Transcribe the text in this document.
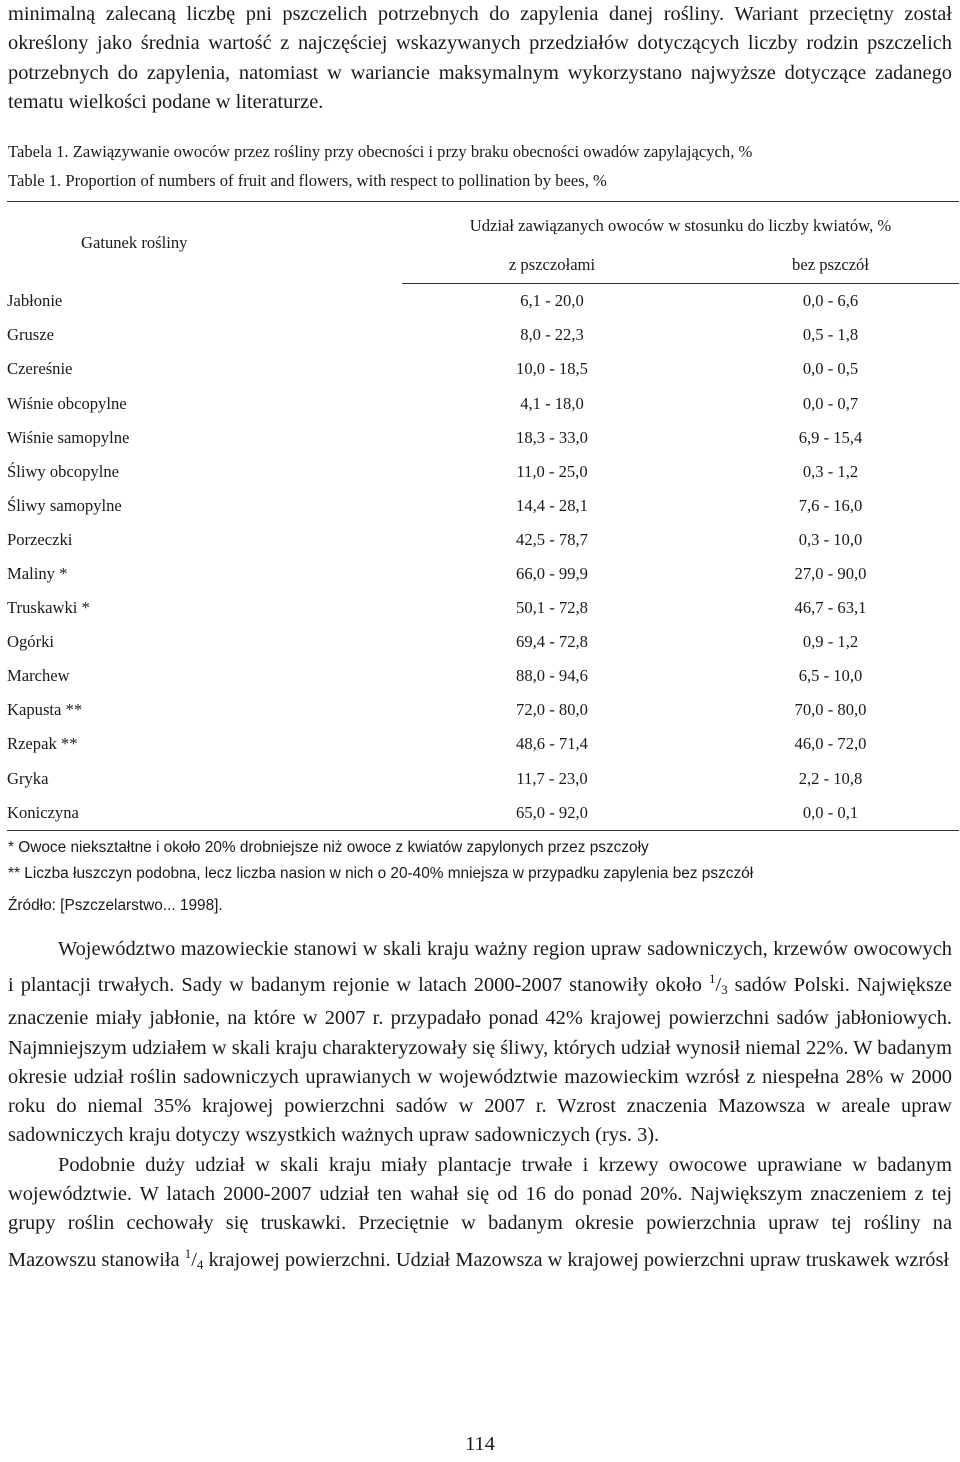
minimalną zalecaną liczbę pni pszczelich potrzebnych do zapylenia danej rośliny. Wariant przeciętny został określony jako średnia wartość z najczęściej wskazywanych przedziałów dotyczących liczby rodzin pszczelich potrzebnych do zapylenia, natomiast w wariancie maksymalnym wykorzystano najwyższe dotyczące zadanego tematu wielkości podane w literaturze.

Tabela 1. Zawiązywanie owoców przez rośliny przy obecności i przy braku obecności owadów zapylających, %

Table 1. Proportion of numbers of fruit and flowers, with respect to pollination by bees, %

Gatunek rośliny	Udział zawiązanych owoców w stosunku do liczby kwiatów, %	
	z pszczołami	bez pszczół
Jabłonie	6,1 - 20,0	0,0 - 6,6
Grusze	8,0 - 22,3	0,5 - 1,8
Czereśnie	10,0 - 18,5	0,0 - 0,5
Wiśnie obcopylne	4,1 - 18,0	0,0 - 0,7
Wiśnie samopylne	18,3 - 33,0	6,9 - 15,4
Śliwy obcopylne	11,0 - 25,0	0,3 - 1,2
Śliwy samopylne	14,4 - 28,1	7,6 - 16,0
Porzeczki	42,5 - 78,7	0,3 - 10,0
Maliny *	66,0 - 99,9	27,0 - 90,0
Truskawki *	50,1 - 72,8	46,7 - 63,1
Ogórki	69,4 - 72,8	0,9 - 1,2
Marchew	88,0 - 94,6	6,5 - 10,0
Kapusta **	72,0 - 80,0	70,0 - 80,0
Rzepak **	48,6 - 71,4	46,0 - 72,0
Gryka	11,7 - 23,0	2,2 - 10,8
Koniczyna	65,0 - 92,0	0,0 - 0,1

* Owoce niekształtne i około 20% drobniejsze niż owoce z kwiatów zapylonych przez pszczoły

** Liczba łuszczyn podobna, lecz liczba nasion w nich o 20-40% mniejsza w przypadku zapylenia bez pszczół

Źródło: [Pszczelarstwo... 1998].

Województwo mazowieckie stanowi w skali kraju ważny region upraw sadowniczych, krzewów owocowych i plantacji trwałych. Sady w badanym rejonie w latach 2000-2007 stanowiły około $^1/_3$ sadów Polski. Największe znaczenie miały jabłonie, na które w 2007 r. przypadało ponad 42% krajowej powierzchni sadów jabłoniowych. Najmniejszym udziałem w skali kraju charakteryzowały się śliwy, których udział wynosił niemal 22%. W badanym okresie udział roślin sadowniczych uprawianych w województwie mazowieckim wzrósł z niespełna 28% w 2000 roku do niemal 35% krajowej powierzchni sadów w 2007 r. Wzrost znaczenia Mazowsza w areale upraw sadowniczych kraju dotyczy wszystkich ważnych upraw sadowniczych (rys. 3).

Podobnie duży udział w skali kraju miały plantacje trwałe i krzewy owocowe uprawiane w badanym województwie. W latach 2000-2007 udział ten wahał się od 16 do ponad 20%. Największym znaczeniem z tej grupy roślin cechowały się truskawki. Przeciętnie w badanym okresie powierzchnia upraw tej rośliny na Mazowszu stanowiła $^1/_4$ krajowej powierzchni. Udział Mazowsza w krajowej powierzchni upraw truskawek wzrósł

114
